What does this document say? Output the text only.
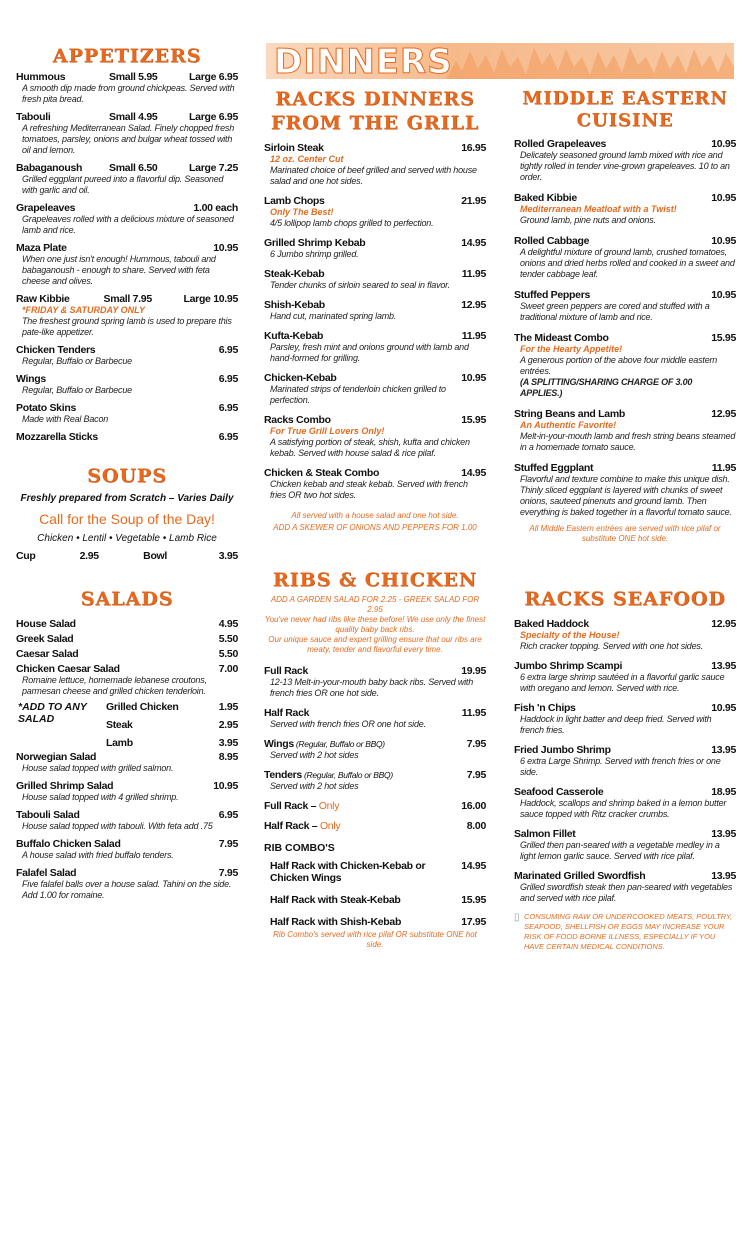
APPETIZERS
Hummous	Small 5.95	Large 6.95
A smooth dip made from ground chickpeas. Served with fresh pita bread.
Tabouli	Small 4.95	Large 6.95
A refreshing Mediterranean Salad. Finely chopped fresh tomatoes, parsley, onions and bulgar wheat tossed with oil and lemon.
Babaganoush	Small 6.50	Large 7.25
Grilled eggplant pureed into a flavorful dip. Seasoned with garlic and oil.
Grapeleaves	1.00 each
Grapeleaves rolled with a delicious mixture of seasoned lamb and rice.
Maza Plate	10.95
When one just isn't enough! Hummous, tabouli and babaganoush - enough to share. Served with feta cheese and olives.
Raw Kibbie	Small 7.95	Large 10.95
*FRIDAY & SATURDAY ONLY
The freshest ground spring lamb is used to prepare this pate-like appetizer.
Chicken Tenders	6.95
Regular, Buffalo or Barbecue
Wings	6.95
Regular, Buffalo or Barbecue
Potato Skins	6.95
Made with Real Bacon
Mozzarella Sticks	6.95
SOUPS
Freshly prepared from Scratch – Varies Daily
Call for the Soup of the Day!
Chicken • Lentil • Vegetable • Lamb Rice
Cup	2.95	Bowl	3.95
SALADS
House Salad	4.95
Greek Salad	5.50
Caesar Salad	5.50
Chicken Caesar Salad	7.00
Romaine lettuce, homemade lebanese croutons, parmesan cheese and grilled chicken tenderloin.
*ADD TO ANY SALAD
Grilled Chicken	1.95
Steak	2.95
Lamb	3.95
Norwegian Salad	8.95
House salad topped with grilled salmon.
Grilled Shrimp Salad	10.95
House salad topped with 4 grilled shrimp.
Tabouli Salad	6.95
House salad topped with tabouli. With feta add .75
Buffalo Chicken Salad	7.95
A house salad with fried buffalo tenders.
Falafel Salad	7.95
Five falafel balls over a house salad. Tahini on the side. Add 1.00 for romaine.
DINNERS
RACKS DINNERS
FROM THE GRILL
Sirloin Steak	16.95
12 oz. Center Cut
Marinated choice of beef grilled and served with house salad and one hot sides.
Lamb Chops	21.95
Only The Best!
4/5 lollipop lamb chops grilled to perfection.
Grilled Shrimp Kebab	14.95
6 Jumbo shrimp grilled.
Steak-Kebab	11.95
Tender chunks of sirloin seared to seal in flavor.
Shish-Kebab	12.95
Hand cut, marinated spring lamb.
Kufta-Kebab	11.95
Parsley, fresh mint and onions ground with lamb and hand-formed for grilling.
Chicken-Kebab	10.95
Marinated strips of tenderloin chicken grilled to perfection.
Racks Combo	15.95
For True Grill Lovers Only!
A satisfying portion of steak, shish, kufta and chicken kebab. Served with house salad & rice pilaf.
Chicken & Steak Combo	14.95
Chicken kebab and steak kebab. Served with french fries OR two hot sides.
All served with a house salad and one hot side.
ADD A SKEWER OF ONIONS AND PEPPERS FOR 1.00
RIBS & CHICKEN
ADD A GARDEN SALAD FOR 2.25 - GREEK SALAD FOR 2.95
You've never had ribs like these before! We use only the finest quality baby back ribs.
Our unique sauce and expert grilling ensure that our ribs are meaty, tender and flavorful every time.
Full Rack	19.95
12-13 Melt-in-your-mouth baby back ribs. Served with french fries OR one hot side.
Half Rack	11.95
Served with french fries OR one hot side.
Wings (Regular, Buffalo or BBQ)	7.95
Served with 2 hot sides
Tenders (Regular, Buffalo or BBQ)	7.95
Served with 2 hot sides
Full Rack – Only	16.00
Half Rack – Only	8.00
RIB COMBO'S
Half Rack with Chicken-Kebab or Chicken Wings
14.95
Half Rack with Steak-Kebab	15.95
Half Rack with Shish-Kebab	17.95
Rib Combo's served with rice pilaf OR substitute ONE hot side.
MIDDLE EASTERN CUISINE
Rolled Grapeleaves	10.95
Delicately seasoned ground lamb mixed with rice and tightly rolled in tender vine-grown grapeleaves. 10 to an order.
Baked Kibbie	10.95
Mediterranean Meatloaf with a Twist!
Ground lamb, pine nuts and onions.
Rolled Cabbage	10.95
A delightful mixture of ground lamb, crushed tomatoes, onions and dried herbs rolled and cooked in a sweet and tender cabbage leaf.
Stuffed Peppers	10.95
Sweet green peppers are cored and stuffed with a traditional mixture of lamb and rice.
The Mideast Combo	15.95
For the Hearty Appetite!
A generous portion of the above four middle eastern entrées.
(A SPLITTING/SHARING CHARGE OF 3.00 APPLIES.)
String Beans and Lamb	12.95
An Authentic Favorite!
Melt-in-your-mouth lamb and fresh string beans steamed in a homemade tomato sauce.
Stuffed Eggplant	11.95
Flavorful and texture combine to make this unique dish. Thinly sliced eggplant is layered with chunks of sweet onions, sauteed pinenuts and ground lamb. Then everything is baked together in a flavorful tomato sauce.
All Middle Eastern entrées are served with rice pilaf or substitute ONE hot side.
RACKS SEAFOOD
Baked Haddock	12.95
Specialty of the House!
Rich cracker topping. Served with one hot sides.
Jumbo Shrimp Scampi	13.95
6 extra large shrimp sautéed in a flavorful garlic sauce with oregano and lemon. Served with rice.
Fish 'n Chips	10.95
Haddock in light batter and deep fried. Served with french fries.
Fried Jumbo Shrimp	13.95
6 extra Large Shrimp. Served with french fries or one side.
Seafood Casserole	18.95
Haddock, scallops and shrimp baked in a lemon butter sauce topped with Ritz cracker crumbs.
Salmon Fillet	13.95
Grilled then pan-seared with a vegetable medley in a light lemon garlic sauce. Served with rice pilaf.
Marinated Grilled Swordfish	13.95
Grilled swordfish steak then pan-seared with vegetables and served with rice pilaf.
▯ CONSUMING RAW OR UNDERCOOKED MEATS, POULTRY, SEAFOOD, SHELLFISH OR EGGS MAY INCREASE YOUR RISK OF FOOD BORNE ILLNESS, ESPECIALLY IF YOU HAVE CERTAIN MEDICAL CONDITIONS.
